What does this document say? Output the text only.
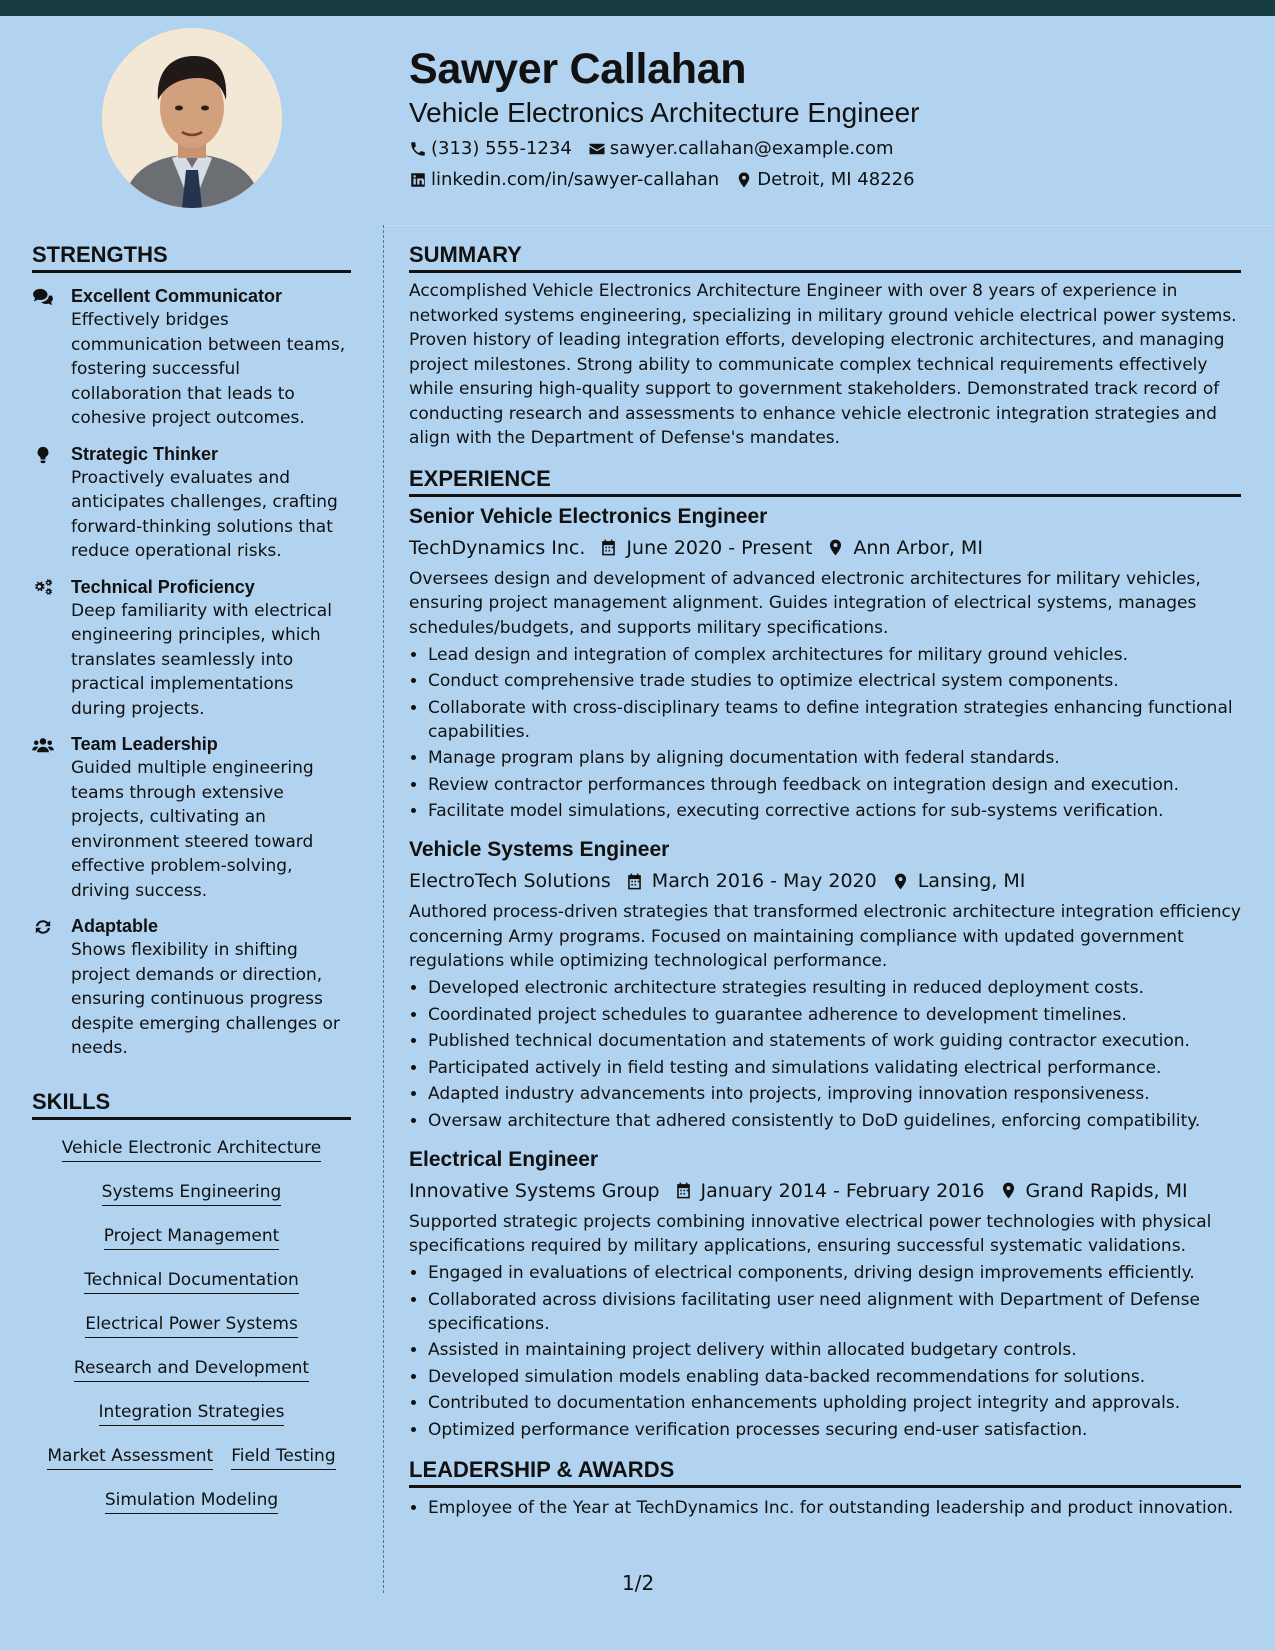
Sawyer Callahan
Vehicle Electronics Architecture Engineer
(313) 555-1234 sawyer.callahan@example.com
linkedin.com/in/sawyer-callahan Detroit, MI 48226
STRENGTHS
Excellent Communicator
Effectively bridges communication between teams, fostering successful collaboration that leads to cohesive project outcomes.
Strategic Thinker
Proactively evaluates and anticipates challenges, crafting forward-thinking solutions that reduce operational risks.
Technical Proficiency
Deep familiarity with electrical engineering principles, which translates seamlessly into practical implementations during projects.
Team Leadership
Guided multiple engineering teams through extensive projects, cultivating an environment steered toward effective problem-solving, driving success.
Adaptable
Shows flexibility in shifting project demands or direction, ensuring continuous progress despite emerging challenges or needs.
SKILLS
Vehicle Electronic Architecture
Systems Engineering
Project Management
Technical Documentation
Electrical Power Systems
Research and Development
Integration Strategies
Market Assessment Field Testing
Simulation Modeling
SUMMARY
Accomplished Vehicle Electronics Architecture Engineer with over 8 years of experience in networked systems engineering, specializing in military ground vehicle electrical power systems. Proven history of leading integration efforts, developing electronic architectures, and managing project milestones. Strong ability to communicate complex technical requirements effectively while ensuring high-quality support to government stakeholders. Demonstrated track record of conducting research and assessments to enhance vehicle electronic integration strategies and align with the Department of Defense's mandates.
EXPERIENCE
Senior Vehicle Electronics Engineer
TechDynamics Inc. June 2020 - Present Ann Arbor, MI
Oversees design and development of advanced electronic architectures for military vehicles, ensuring project management alignment. Guides integration of electrical systems, manages schedules/budgets, and supports military specifications.
• Lead design and integration of complex architectures for military ground vehicles.
• Conduct comprehensive trade studies to optimize electrical system components.
• Collaborate with cross-disciplinary teams to define integration strategies enhancing functional capabilities.
• Manage program plans by aligning documentation with federal standards.
• Review contractor performances through feedback on integration design and execution.
• Facilitate model simulations, executing corrective actions for sub-systems verification.
Vehicle Systems Engineer
ElectroTech Solutions March 2016 - May 2020 Lansing, MI
Authored process-driven strategies that transformed electronic architecture integration efficiency concerning Army programs. Focused on maintaining compliance with updated government regulations while optimizing technological performance.
• Developed electronic architecture strategies resulting in reduced deployment costs.
• Coordinated project schedules to guarantee adherence to development timelines.
• Published technical documentation and statements of work guiding contractor execution.
• Participated actively in field testing and simulations validating electrical performance.
• Adapted industry advancements into projects, improving innovation responsiveness.
• Oversaw architecture that adhered consistently to DoD guidelines, enforcing compatibility.
Electrical Engineer
Innovative Systems Group January 2014 - February 2016 Grand Rapids, MI
Supported strategic projects combining innovative electrical power technologies with physical specifications required by military applications, ensuring successful systematic validations.
• Engaged in evaluations of electrical components, driving design improvements efficiently.
• Collaborated across divisions facilitating user need alignment with Department of Defense specifications.
• Assisted in maintaining project delivery within allocated budgetary controls.
• Developed simulation models enabling data-backed recommendations for solutions.
• Contributed to documentation enhancements upholding project integrity and approvals.
• Optimized performance verification processes securing end-user satisfaction.
LEADERSHIP & AWARDS
• Employee of the Year at TechDynamics Inc. for outstanding leadership and product innovation.
1/2
